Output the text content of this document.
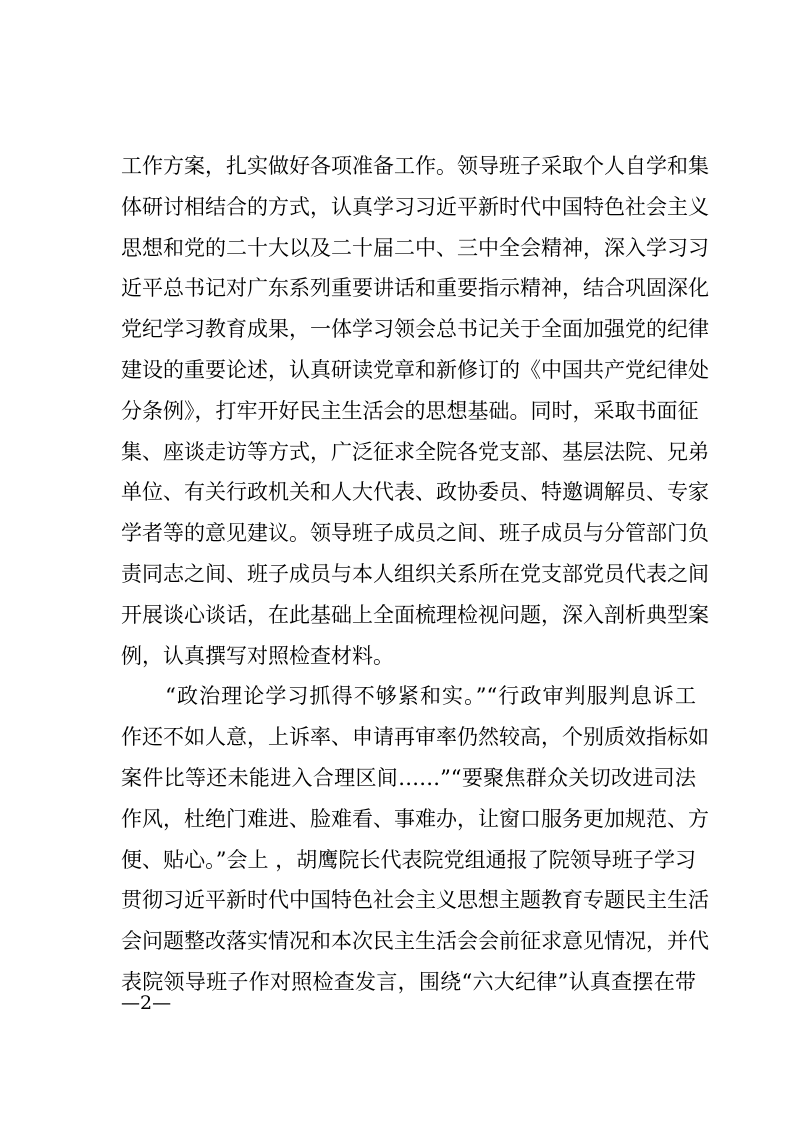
工作方案，扎实做好各项准备工作。领导班子采取个人自学和集
体研讨相结合的方式，认真学习习近平新时代中国特色社会主义
思想和党的二十大以及二十届二中、三中全会精神，深入学习习
近平总书记对广东系列重要讲话和重要指示精神，结合巩固深化
党纪学习教育成果，一体学习领会总书记关于全面加强党的纪律
建设的重要论述，认真研读党章和新修订的《中国共产党纪律处
分条例》，打牢开好民主生活会的思想基础。同时，采取书面征
集、座谈走访等方式，广泛征求全院各党支部、基层法院、兄弟
单位、有关行政机关和人大代表、政协委员、特邀调解员、专家
学者等的意见建议。领导班子成员之间、班子成员与分管部门负
责同志之间、班子成员与本人组织关系所在党支部党员代表之间
开展谈心谈话，在此基础上全面梳理检视问题，深入剖析典型案
例，认真撰写对照检查材料。
　　“政治理论学习抓得不够紧和实。”“行政审判服判息诉工
作还不如人意，上诉率、申请再审率仍然较高，个别质效指标如
案件比等还未能进入合理区间……”“要聚焦群众关切改进司法
作风，杜绝门难进、脸难看、事难办，让窗口服务更加规范、方
便、贴心。”会上 ，胡鹰院长代表院党组通报了院领导班子学习
贯彻习近平新时代中国特色社会主义思想主题教育专题民主生活
会问题整改落实情况和本次民主生活会会前征求意见情况，并代
表院领导班子作对照检查发言，围绕“六大纪律”认真查摆在带
—2—
